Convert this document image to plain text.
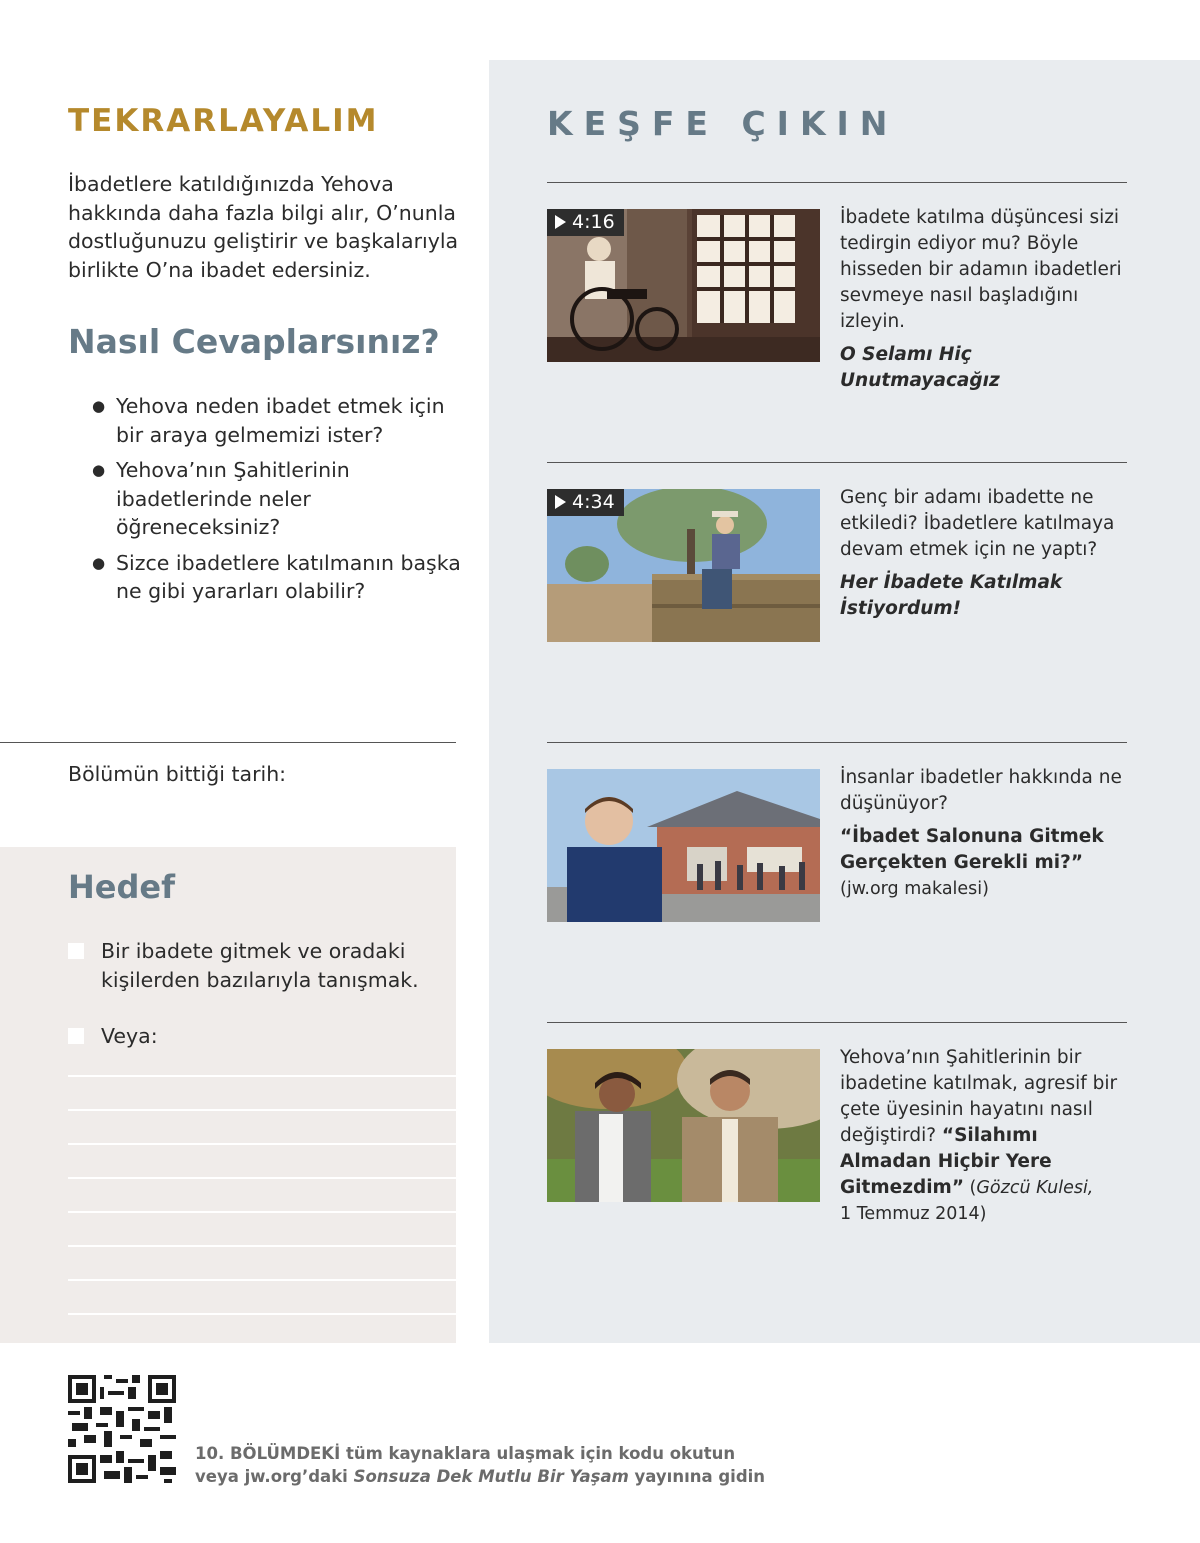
TEKRARLAYALIM

İbadetlere katıldığınızda Yehova hakkında daha fazla bilgi alır, O’nunla dostluğunuzu geliştirir ve başkalarıyla birlikte O’na ibadet edersiniz.

Nasıl Cevaplarsınız?
● Yehova neden ibadet etmek için bir araya gelmemizi ister?
● Yehova’nın Şahitlerinin ibadetlerinde neler öğreneceksiniz?
● Sizce ibadetlere katılmanın başka ne gibi yararları olabilir?

Bölümün bittiği tarih:

Hedef
Bir ibadete gitmek ve oradaki kişilerden bazılarıyla tanışmak.
Veya:
KEŞFE ÇIKIN
4:16	İbadete katılma düşüncesi sizi tedirgin ediyor mu? Böyle hisseden bir adamın ibadetleri sevmeye nasıl başladığını izleyin.
O Selamı Hiç Unutmayacağız

4:34	Genç bir adamı ibadette ne etkiledi? İbadetlere katılmaya devam etmek için ne yaptı?
Her İbadete Katılmak İstiyordum!

İnsanlar ibadetler hakkında ne düşünüyor?
“İbadet Salonuna Gitmek Gerçekten Gerekli mi?”
(jw.org makalesi)

Yehova’nın Şahitlerinin bir ibadetine katılmak, agresif bir çete üyesinin hayatını nasıl değiştirdi? “Silahımı Almadan Hiçbir Yere Gitmezdim” (Gözcü Kulesi,
1 Temmuz 2014)

10. BÖLÜMDEKİ tüm kaynaklara ulaşmak için kodu okutun
veya jw.org’daki Sonsuza Dek Mutlu Bir Yaşam yayınına gidin
